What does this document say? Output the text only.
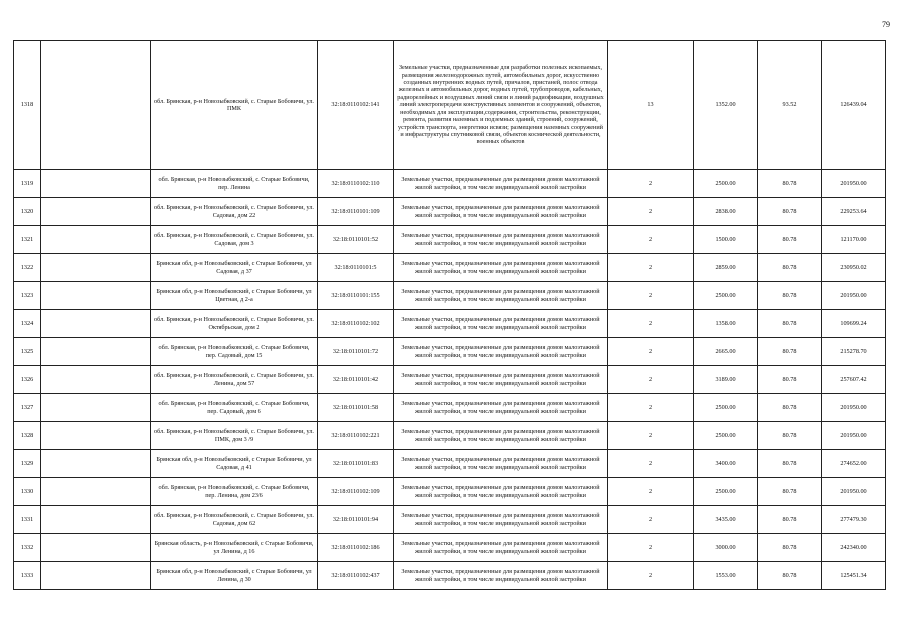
79
1318		обл. Брянская, р-н Новозыбковский, с. Старые Бобовичи, ул. ПМК	32:18:0110102:141	Земельные участки, предназначенные для разработки полезных ископаемых, размещения железнодорожных путей, автомобильных дорог, искусственно созданных внутренних водных путей, причалов, пристаней, полос отвода железных и автомобильных дорог, водных путей, трубопроводов, кабельных, радиорелейных и воздушных линий связи и линий радиофикации, воздушных линий электропередачи конструктивных элементов и сооружений, объектов, необходимых для эксплуатации,содержания, строительства, реконструкции, ремонта, развития наземных и подземных зданий, строений, сооружений, устройств транспорта, энергетики исвязи; размещения наземных сооружений и инфраструктуры спутниковой связи, объектов космической деятельности, военных объектов	13	1352.00	93.52	126439.04
1319		обл. Брянская, р-н Новозыбковский, с. Старые Бобовичи, пер. Ленина	32:18:0110102:110	Земельные участки, предназначенные для размещения домов малоэтажной жилой застройки, в том числе индивидуальной жилой застройки	2	2500.00	80.78	201950.00
1320		обл. Брянская, р-н Новозыбковский, с. Старые Бобовичи, ул. Садовая, дом 22	32:18:0110101:109	Земельные участки, предназначенные для размещения домов малоэтажной жилой застройки, в том числе индивидуальной жилой застройки	2	2838.00	80.78	229253.64
1321		обл. Брянская, р-н Новозыбковский, с. Старые Бобовичи, ул. Садовая, дом 3	32:18:0110101:52	Земельные участки, предназначенные для размещения домов малоэтажной жилой застройки, в том числе индивидуальной жилой застройки	2	1500.00	80.78	121170.00
1322		Брянская обл, р-н Новозыбковский, с Старые Бобовичи, ул Садовая, д 37	32:18:0110101:5	Земельные участки, предназначенные для размещения домов малоэтажной жилой застройки, в том числе индивидуальной жилой застройки	2	2859.00	80.78	230950.02
1323		Брянская обл, р-н Новозыбковский, с Старые Бобовичи, ул Цветная, д 2-а	32:18:0110101:155	Земельные участки, предназначенные для размещения домов малоэтажной жилой застройки, в том числе индивидуальной жилой застройки	2	2500.00	80.78	201950.00
1324		обл. Брянская, р-н Новозыбковский, с. Старые Бобовичи, ул. Октябрьская, дом 2	32:18:0110102:102	Земельные участки, предназначенные для размещения домов малоэтажной жилой застройки, в том числе индивидуальной жилой застройки	2	1358.00	80.78	109699.24
1325		обл. Брянская, р-н Новозыбковский, с. Старые Бобовичи, пер. Садовый, дом 15	32:18:0110101:72	Земельные участки, предназначенные для размещения домов малоэтажной жилой застройки, в том числе индивидуальной жилой застройки	2	2665.00	80.78	215278.70
1326		обл. Брянская, р-н Новозыбковский, с. Старые Бобовичи, ул. Ленина, дом 57	32:18:0110101:42	Земельные участки, предназначенные для размещения домов малоэтажной жилой застройки, в том числе индивидуальной жилой застройки	2	3189.00	80.78	257607.42
1327		обл. Брянская, р-н Новозыбковский, с. Старые Бобовичи, пер. Садовый, дом 6	32:18:0110101:58	Земельные участки, предназначенные для размещения домов малоэтажной жилой застройки, в том числе индивидуальной жилой застройки	2	2500.00	80.78	201950.00
1328		обл. Брянская, р-н Новозыбковский, с. Старые Бобовичи, ул. ПМК, дом 3 /9	32:18:0110102:221	Земельные участки, предназначенные для размещения домов малоэтажной жилой застройки, в том числе индивидуальной жилой застройки	2	2500.00	80.78	201950.00
1329		Брянская обл, р-н Новозыбковский, с Старые Бобовичи, ул Садовая, д 41	32:18:0110101:83	Земельные участки, предназначенные для размещения домов малоэтажной жилой застройки, в том числе индивидуальной жилой застройки	2	3400.00	80.78	274652.00
1330		обл. Брянская, р-н Новозыбковский, с. Старые Бобовичи, пер. Ленина, дом 23/6	32:18:0110102:109	Земельные участки, предназначенные для размещения домов малоэтажной жилой застройки, в том числе индивидуальной жилой застройки	2	2500.00	80.78	201950.00
1331		обл. Брянская, р-н Новозыбковский, с. Старые Бобовичи, ул. Садовая, дом 62	32:18:0110101:94	Земельные участки, предназначенные для размещения домов малоэтажной жилой застройки, в том числе индивидуальной жилой застройки	2	3435.00	80.78	277479.30
1332		Брянская область, р-н Новозыбковский, с Старые Бобовичи, ул Ленина, д 16	32:18:0110102:186	Земельные участки, предназначенные для размещения домов малоэтажной жилой застройки, в том числе индивидуальной жилой застройки	2	3000.00	80.78	242340.00
1333		Брянская обл, р-н Новозыбковский, с Старые Бобовичи, ул Ленина, д 30	32:18:0110102:437	Земельные участки, предназначенные для размещения домов малоэтажной жилой застройки, в том числе индивидуальной жилой застройки	2	1553.00	80.78	125451.34
